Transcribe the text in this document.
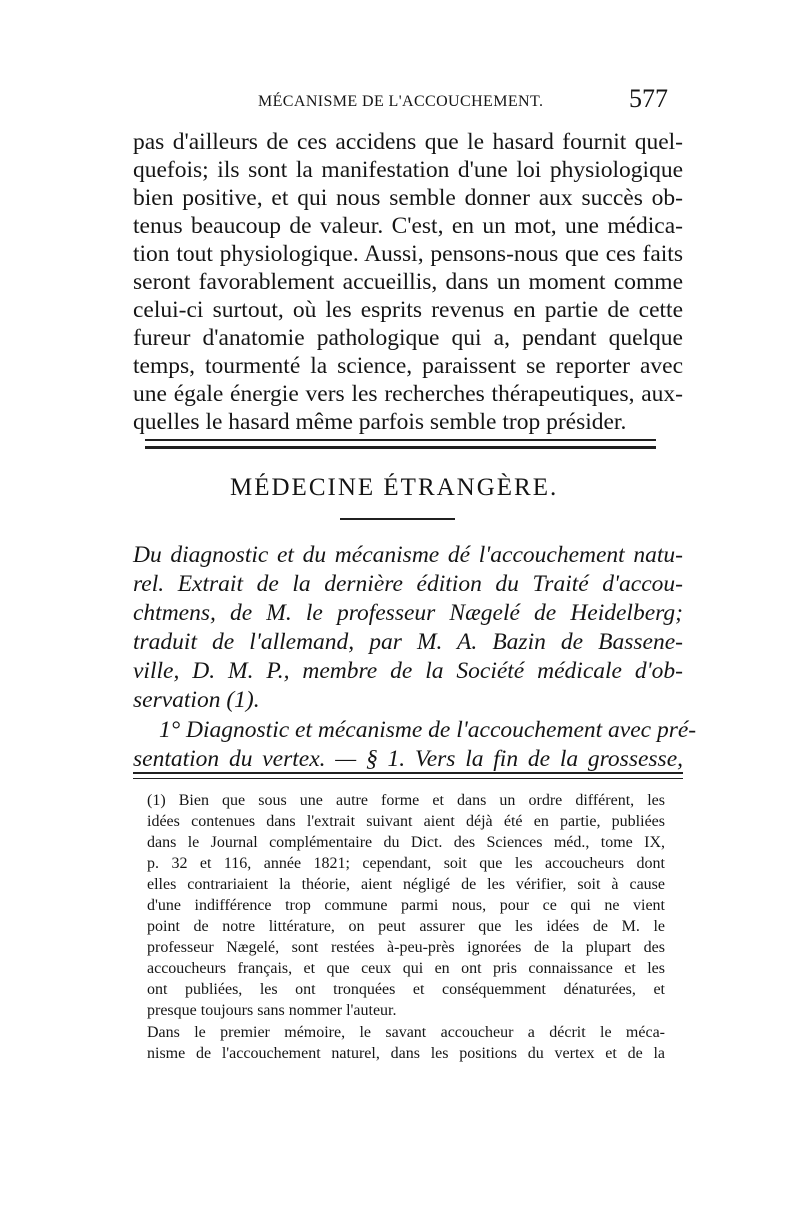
MÉCANISME DE L'ACCOUCHEMENT.	577
pas d'ailleurs de ces accidens que le hasard fournit quel-
quefois; ils sont la manifestation d'une loi physiologique
bien positive, et qui nous semble donner aux succès ob-
tenus beaucoup de valeur. C'est, en un mot, une médica-
tion tout physiologique. Aussi, pensons-nous que ces faits
seront favorablement accueillis, dans un moment comme
celui-ci surtout, où les esprits revenus en partie de cette
fureur d'anatomie pathologique qui a, pendant quelque
temps, tourmenté la science, paraissent se reporter avec
une égale énergie vers les recherches thérapeutiques, aux-
quelles le hasard même parfois semble trop présider.
MÉDECINE ÉTRANGÈRE.
Du diagnostic et du mécanisme dé l'accouchement natu-
rel. Extrait de la dernière édition du Traité d'accou-
chtmens, de M. le professeur Nægelé de Heidelberg;
traduit de l'allemand, par M. A. Bazin de Bassene-
ville, D. M. P., membre de la Société médicale d'ob-
servation (1).
1° Diagnostic et mécanisme de l'accouchement avec pré-
sentation du vertex. — § 1. Vers la fin de la grossesse,
(1) Bien que sous une autre forme et dans un ordre différent, les
idées contenues dans l'extrait suivant aient déjà été en partie, publiées
dans le Journal complémentaire du Dict. des Sciences méd., tome IX,
p. 32 et 116, année 1821; cependant, soit que les accoucheurs dont
elles contrariaient la théorie, aient négligé de les vérifier, soit à cause
d'une indifférence trop commune parmi nous, pour ce qui ne vient
point de notre littérature, on peut assurer que les idées de M. le
professeur Nægelé, sont restées à-peu-près ignorées de la plupart des
accoucheurs français, et que ceux qui en ont pris connaissance et les
ont publiées, les ont tronquées et conséquemment dénaturées, et
presque toujours sans nommer l'auteur.
Dans le premier mémoire, le savant accoucheur a décrit le méca-
nisme de l'accouchement naturel, dans les positions du vertex et de la
